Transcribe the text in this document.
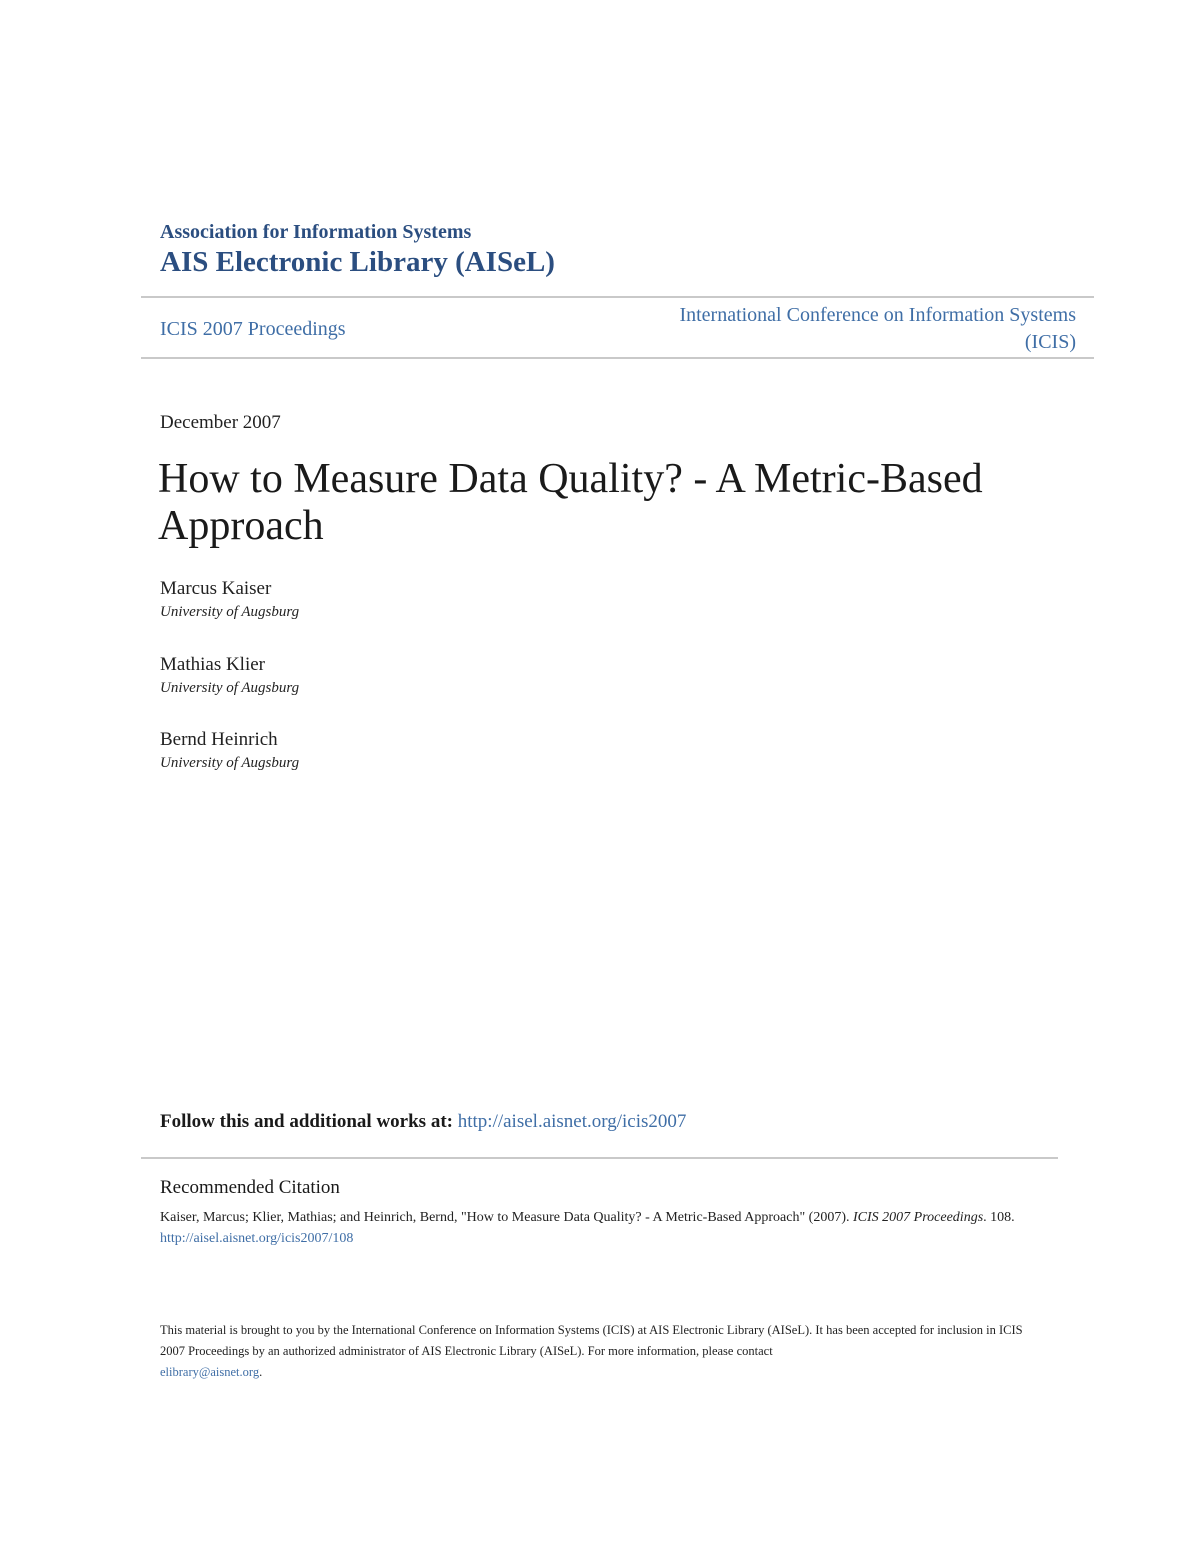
Association for Information Systems
AIS Electronic Library (AISeL)
ICIS 2007 Proceedings
International Conference on Information Systems
(ICIS)
December 2007
How to Measure Data Quality? - A Metric-Based
Approach
Marcus Kaiser
University of Augsburg
Mathias Klier
University of Augsburg
Bernd Heinrich
University of Augsburg
Follow this and additional works at: http://aisel.aisnet.org/icis2007
Recommended Citation
Kaiser, Marcus; Klier, Mathias; and Heinrich, Bernd, "How to Measure Data Quality? - A Metric-Based Approach" (2007). ICIS 2007 Proceedings. 108.
http://aisel.aisnet.org/icis2007/108
This material is brought to you by the International Conference on Information Systems (ICIS) at AIS Electronic Library (AISeL). It has been accepted for inclusion in ICIS 2007 Proceedings by an authorized administrator of AIS Electronic Library (AISeL). For more information, please contact
elibrary@aisnet.org.
